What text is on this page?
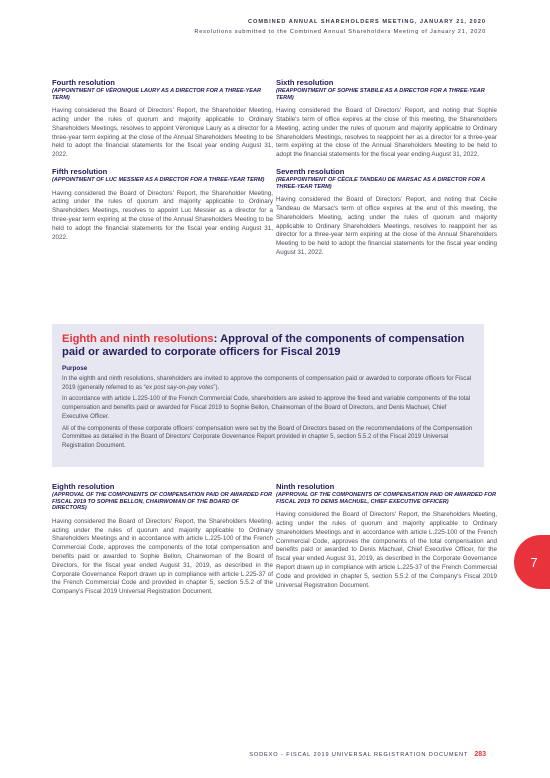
COMBINED ANNUAL SHAREHOLDERS MEETING, JANUARY 21, 2020
Resolutions submitted to the Combined Annual Shareholders Meeting of January 21, 2020
Fourth resolution

(APPOINTMENT OF VÉRONIQUE LAURY AS A DIRECTOR FOR A THREE-YEAR TERM)

Having considered the Board of Directors' Report, the Shareholder Meeting, acting under the rules of quorum and majority applicable to Ordinary Shareholders Meetings, resolves to appoint Véronique Laury as a director for a three-year term expiring at the close of the Annual Shareholders Meeting to be held to adopt the financial statements for the fiscal year ending August 31, 2022.

Fifth resolution

(APPOINTMENT OF LUC MESSIER AS A DIRECTOR FOR A THREE-YEAR TERM)

Having considered the Board of Directors' Report, the Shareholder Meeting, acting under the rules of quorum and majority applicable to Ordinary Shareholders Meetings, resolves to appoint Luc Messier as a director for a three-year term expiring at the close of the Annual Shareholders Meeting to be held to adopt the financial statements for the fiscal year ending August 31, 2022.

Sixth resolution

(REAPPOINTMENT OF SOPHIE STABILE AS A DIRECTOR FOR A THREE-YEAR TERM)

Having considered the Board of Directors' Report, and noting that Sophie Stabile's term of office expires at the close of this meeting, the Shareholders Meeting, acting under the rules of quorum and majority applicable to Ordinary Shareholders Meetings, resolves to reappoint her as a director for a three-year term expiring at the close of the Annual Shareholders Meeting to be held to adopt the financial statements for the fiscal year ending August 31, 2022.

Seventh resolution

(REAPPOINTMENT OF CÉCILE TANDEAU DE MARSAC AS A DIRECTOR FOR A THREE-YEAR TERM)

Having considered the Board of Directors' Report, and noting that Cécile Tandeau de Marsac's term of office expires at the end of this meeting, the Shareholders Meeting, acting under the rules of quorum and majority applicable to Ordinary Shareholders Meetings, resolves to reappoint her as director for a three-year term expiring at the close of the Annual Shareholders Meeting to be held to adopt the financial statements for the fiscal year ending August 31, 2022.

Eighth and ninth resolutions: Approval of the components of compensation paid or awarded to corporate officers for Fiscal 2019

Purpose

In the eighth and ninth resolutions, shareholders are invited to approve the components of compensation paid or awarded to corporate officers for Fiscal 2019 (generally referred to as “ex post say-on-pay votes”).

In accordance with article L.225-100 of the French Commercial Code, shareholders are asked to approve the fixed and variable components of the total compensation and benefits paid or awarded for Fiscal 2019 to Sophie Bellon, Chairwoman of the Board of Directors, and Denis Machuel, Chief Executive Officer.

All of the components of these corporate officers' compensation were set by the Board of Directors based on the recommendations of the Compensation Committee as detailed in the Board of Directors' Corporate Governance Report provided in chapter 5, section 5.5.2 of the Fiscal 2019 Universal Registration Document.

Eighth resolution

(APPROVAL OF THE COMPONENTS OF COMPENSATION PAID OR AWARDED FOR FISCAL 2019 TO SOPHIE BELLON, CHAIRWOMAN OF THE BOARD OF DIRECTORS)

Having considered the Board of Directors' Report, the Shareholders Meeting, acting under the rules of quorum and majority applicable to Ordinary Shareholders Meetings and in accordance with article L.225-100 of the French Commercial Code, approves the components of the total compensation and benefits paid or awarded to Sophie Bellon, Chairwoman of the Board of Directors, for the fiscal year ended August 31, 2019, as described in the Corporate Governance Report drawn up in compliance with article L.225-37 of the French Commercial Code and provided in chapter 5, section 5.5.2 of the Company's Fiscal 2019 Universal Registration Document.

Ninth resolution

(APPROVAL OF THE COMPONENTS OF COMPENSATION PAID OR AWARDED FOR FISCAL 2019 TO DENIS MACHUEL, CHIEF EXECUTIVE OFFICER)

Having considered the Board of Directors' Report, the Shareholders Meeting, acting under the rules of quorum and majority applicable to Ordinary Shareholders Meetings and in accordance with article L.225-100 of the French Commercial Code, approves the components of the total compensation and benefits paid or awarded to Denis Machuel, Chief Executive Officer, for the fiscal year ended August 31, 2019, as described in the Corporate Governance Report drawn up in compliance with article L.225-37 of the French Commercial Code and provided in chapter 5, section 5.5.2 of the Company's Fiscal 2019 Universal Registration Document.

7
SODEXO - FISCAL 2019 UNIVERSAL REGISTRATION DOCUMENT 283
